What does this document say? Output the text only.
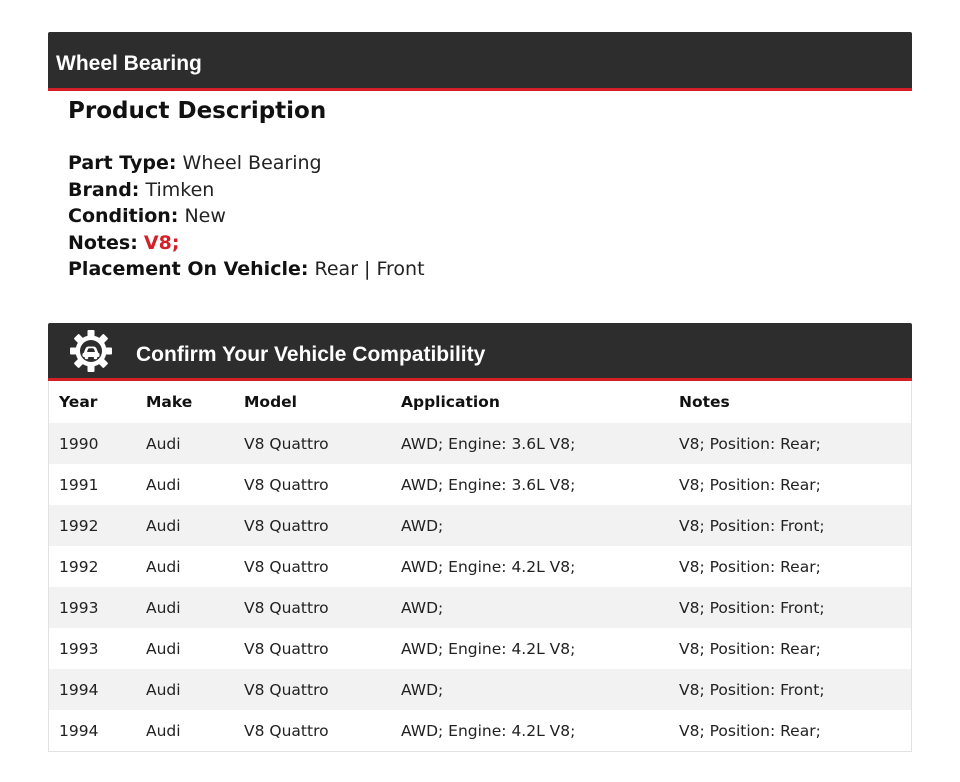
Wheel Bearing
Product Description
Part Type: Wheel Bearing
Brand: Timken
Condition: New
Notes: V8;
Placement On Vehicle: Rear | Front
Confirm Your Vehicle Compatibility
Year	Make	Model	Application	Notes
1990	Audi	V8 Quattro	AWD; Engine: 3.6L V8;	V8; Position: Rear;
1991	Audi	V8 Quattro	AWD; Engine: 3.6L V8;	V8; Position: Rear;
1992	Audi	V8 Quattro	AWD;	V8; Position: Front;
1992	Audi	V8 Quattro	AWD; Engine: 4.2L V8;	V8; Position: Rear;
1993	Audi	V8 Quattro	AWD;	V8; Position: Front;
1993	Audi	V8 Quattro	AWD; Engine: 4.2L V8;	V8; Position: Rear;
1994	Audi	V8 Quattro	AWD;	V8; Position: Front;
1994	Audi	V8 Quattro	AWD; Engine: 4.2L V8;	V8; Position: Rear;
